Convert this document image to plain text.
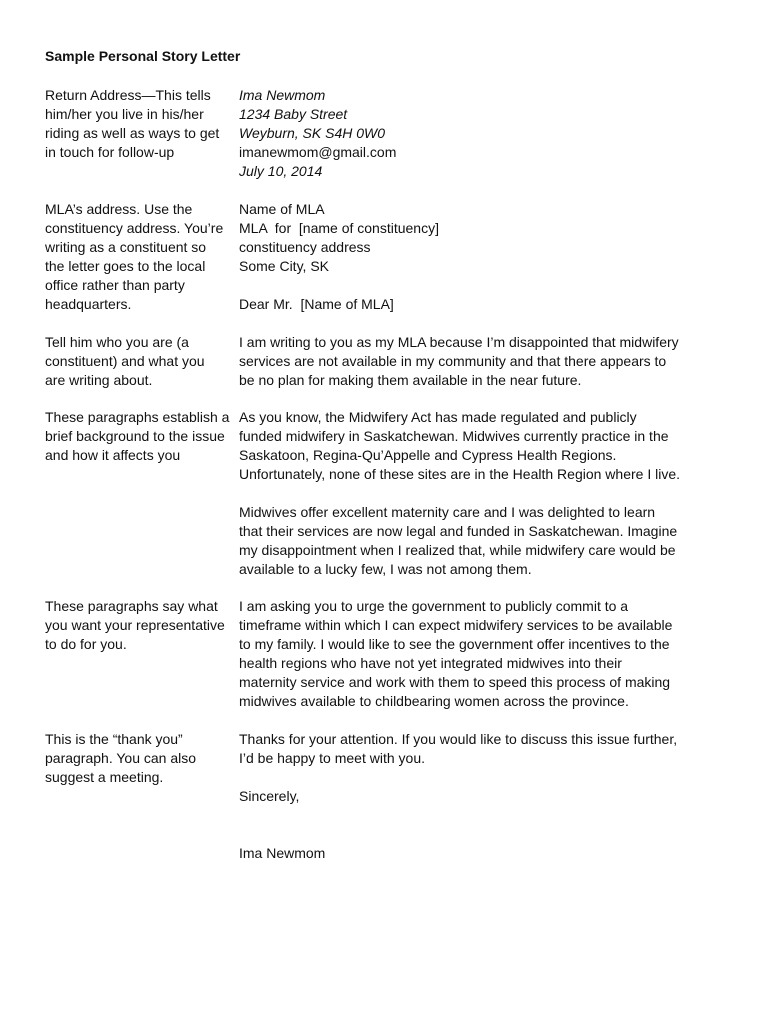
Sample Personal Story Letter
Return Address—This tells
him/her you live in his/her
riding as well as ways to get
in touch for follow-up
Ima Newmom
1234 Baby Street
Weyburn, SK S4H 0W0
imanewmom@gmail.com
July 10, 2014
MLA’s address. Use the
constituency address. You’re
writing as a constituent so
the letter goes to the local
office rather than party
headquarters.
Name of MLA
MLA  for  [name of constituency]
constituency address
Some City, SK
Dear Mr.  [Name of MLA]
Tell him who you are (a
constituent) and what you
are writing about.
I am writing to you as my MLA because I’m disappointed that midwifery
services are not available in my community and that there appears to
be no plan for making them available in the near future.
These paragraphs establish a
brief background to the issue
and how it affects you
As you know, the Midwifery Act has made regulated and publicly
funded midwifery in Saskatchewan. Midwives currently practice in the
Saskatoon, Regina-Qu’Appelle and Cypress Health Regions.
Unfortunately, none of these sites are in the Health Region where I live.
Midwives offer excellent maternity care and I was delighted to learn
that their services are now legal and funded in Saskatchewan. Imagine
my disappointment when I realized that, while midwifery care would be
available to a lucky few, I was not among them.
These paragraphs say what
you want your representative
to do for you.
I am asking you to urge the government to publicly commit to a
timeframe within which I can expect midwifery services to be available
to my family. I would like to see the government offer incentives to the
health regions who have not yet integrated midwives into their
maternity service and work with them to speed this process of making
midwives available to childbearing women across the province.
This is the “thank you”
paragraph. You can also
suggest a meeting.
Thanks for your attention. If you would like to discuss this issue further,
I’d be happy to meet with you.
Sincerely,
Ima Newmom
